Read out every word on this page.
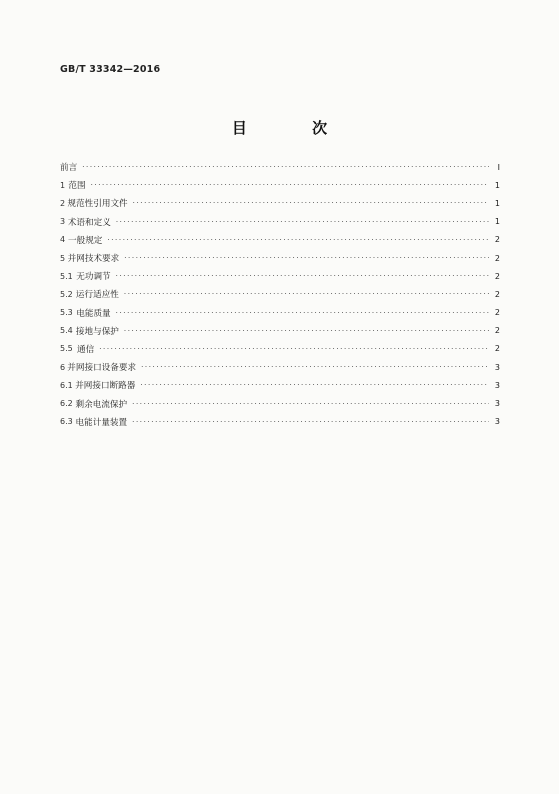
GB/T 33342—2016
目 次
前言 ·····	Ⅰ
1 范围 ·····	1
2 规范性引用文件 ·····	1
3 术语和定义 ·····	1
4 一般规定 ·····	2
5 并网技术要求 ·····	2
5.1 无功调节 ·····	2
5.2 运行适应性 ·····	2
5.3 电能质量 ·····	2
5.4 接地与保护 ·····	2
5.5 通信 ·····	2
6 并网接口设备要求 ·····	3
6.1 并网接口断路器 ·····	3
6.2 剩余电流保护 ·····	3
6.3 电能计量装置 ·····	3
